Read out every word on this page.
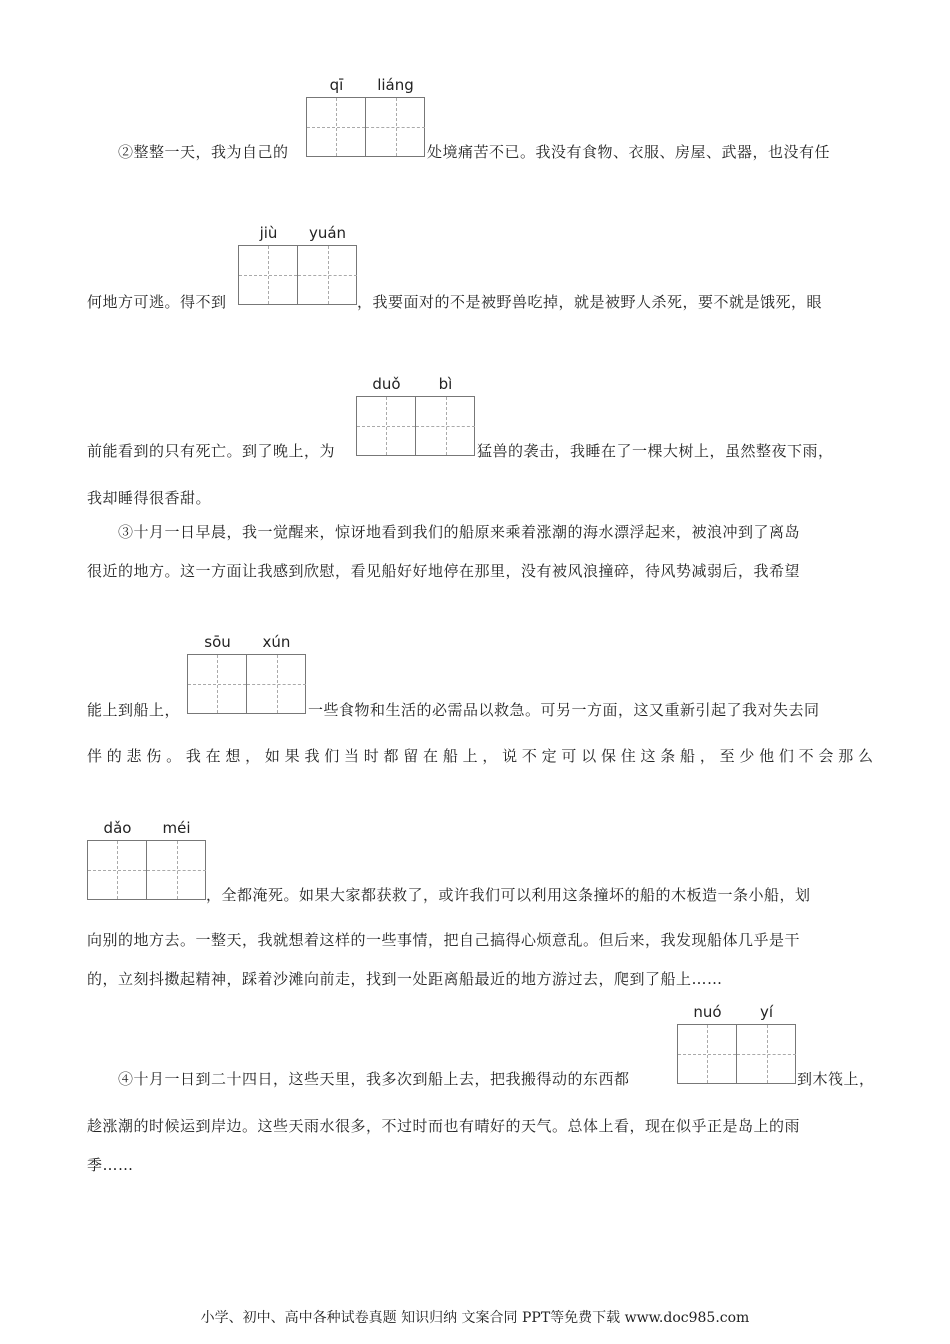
②整整一天，我为自己的
qī	liáng
处境痛苦不已。我没有食物、衣服、房屋、武器，也没有任
何地方可逃。得不到
jiù	yuán
，我要面对的不是被野兽吃掉，就是被野人杀死，要不就是饿死，眼
前能看到的只有死亡。到了晚上，为
duǒ	bì
猛兽的袭击，我睡在了一棵大树上，虽然整夜下雨，
我却睡得很香甜。
③十月一日早晨，我一觉醒来，惊讶地看到我们的船原来乘着涨潮的海水漂浮起来，被浪冲到了离岛
很近的地方。这一方面让我感到欣慰，看见船好好地停在那里，没有被风浪撞碎，待风势减弱后，我希望
能上到船上，
sōu	xún
一些食物和生活的必需品以救急。可另一方面，这又重新引起了我对失去同
伴 的 悲 伤 。 我 在 想 ， 如 果 我 们 当 时 都 留 在 船 上 ， 说 不 定 可 以 保 住 这 条 船 ， 至 少 他 们 不 会 那 么
dǎo	méi
，全都淹死。如果大家都获救了，或许我们可以利用这条撞坏的船的木板造一条小船，划
向别的地方去。一整天，我就想着这样的一些事情，把自己搞得心烦意乱。但后来，我发现船体几乎是干
的，立刻抖擞起精神，踩着沙滩向前走，找到一处距离船最近的地方游过去，爬到了船上……
④十月一日到二十四日，这些天里，我多次到船上去，把我搬得动的东西都
nuó	yí
到木筏上，
趁涨潮的时候运到岸边。这些天雨水很多，不过时而也有晴好的天气。总体上看，现在似乎正是岛上的雨
季……
小学、初中、高中各种试卷真题 知识归纳 文案合同 PPT等免费下载 www.doc985.com
